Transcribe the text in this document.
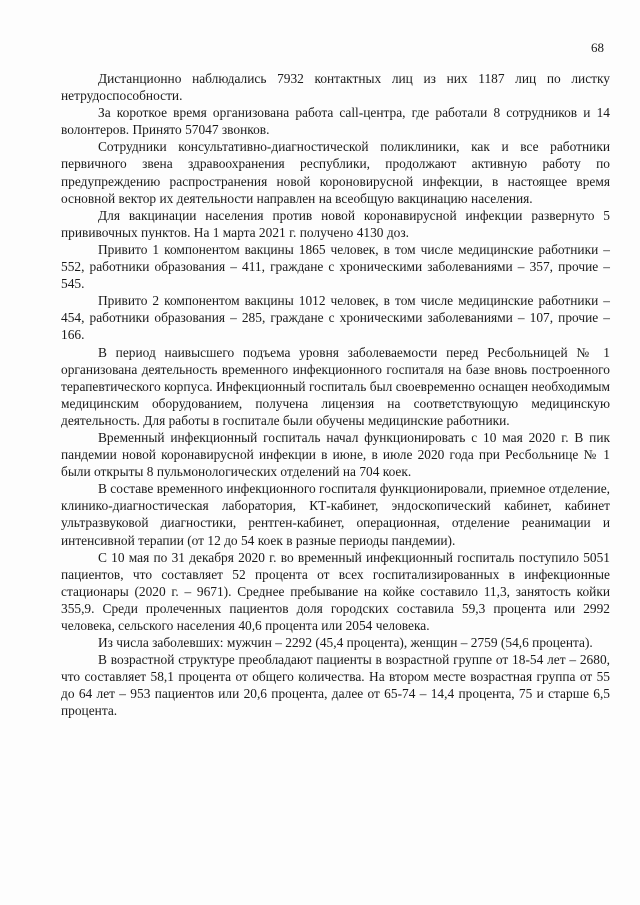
68

Дистанционно наблюдались 7932 контактных лиц из них 1187 лиц по листку нетрудоспособности.

За короткое время организована работа call-центра, где работали 8 сотрудников и 14 волонтеров. Принято 57047 звонков.

Сотрудники консультативно-диагностической поликлиники, как и все работники первичного звена здравоохранения республики, продолжают активную работу по предупреждению распространения новой короновирусной инфекции, в настоящее время основной вектор их деятельности направлен на всеобщую вакцинацию населения.

Для вакцинации населения против новой коронавирусной инфекции развернуто 5 прививочных пунктов. На 1 марта 2021 г. получено 4130 доз.

Привито 1 компонентом вакцины 1865 человек, в том числе медицинские работники – 552, работники образования – 411, граждане с хроническими заболеваниями – 357, прочие – 545.

Привито 2 компонентом вакцины 1012 человек, в том числе медицинские работники – 454, работники образования – 285, граждане с хроническими заболеваниями – 107, прочие – 166.

В период наивысшего подъема уровня заболеваемости перед Ресбольницей № 1 организована деятельность временного инфекционного госпиталя на базе вновь построенного терапевтического корпуса. Инфекционный госпиталь был своевременно оснащен необходимым медицинским оборудованием, получена лицензия на соответствующую медицинскую деятельность. Для работы в госпитале были обучены медицинские работники.

Временный инфекционный госпиталь начал функционировать с 10 мая 2020 г. В пик пандемии новой коронавирусной инфекции в июне, в июле 2020 года при Ресбольнице № 1 были открыты 8 пульмонологических отделений на 704 коек.

В составе временного инфекционного госпиталя функционировали, приемное отделение, клинико-диагностическая лаборатория, КТ-кабинет, эндоскопический кабинет, кабинет ультразвуковой диагностики, рентген-кабинет, операционная, отделение реанимации и интенсивной терапии (от 12 до 54 коек в разные периоды пандемии).

С 10 мая по 31 декабря 2020 г. во временный инфекционный госпиталь поступило 5051 пациентов, что составляет 52 процента от всех госпитализированных в инфекционные стационары (2020 г. – 9671). Среднее пребывание на койке составило 11,3, занятость койки 355,9. Среди пролеченных пациентов доля городских составила 59,3 процента или 2992 человека, сельского населения 40,6 процента или 2054 человека.

Из числа заболевших: мужчин – 2292 (45,4 процента), женщин – 2759 (54,6 процента).

В возрастной структуре преобладают пациенты в возрастной группе от 18-54 лет – 2680, что составляет 58,1 процента от общего количества. На втором месте возрастная группа от 55 до 64 лет – 953 пациентов или 20,6 процента, далее от 65-74 – 14,4 процента, 75 и старше 6,5 процента.
